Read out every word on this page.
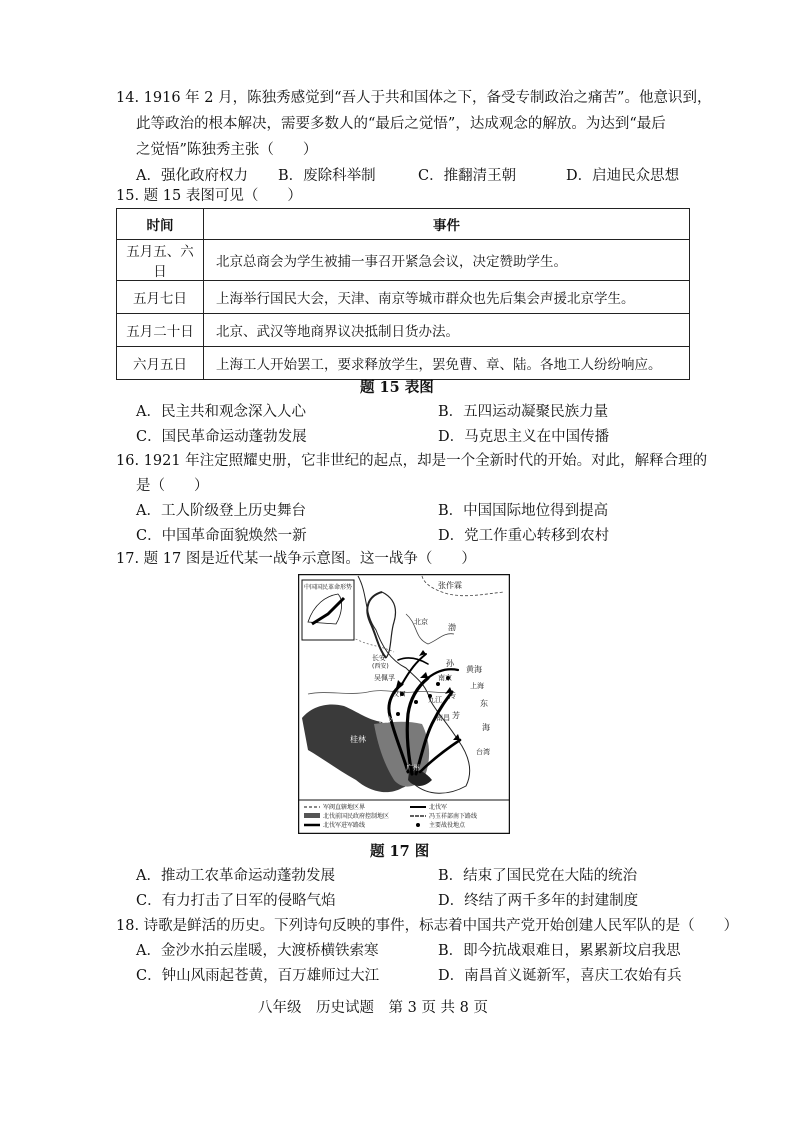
14. 1916 年 2 月，陈独秀感觉到“吾人于共和国体之下，备受专制政治之痛苦”。他意识到，
此等政治的根本解决，需要多数人的“最后之觉悟”，达成观念的解放。为达到“最后
之觉悟”陈独秀主张（　　）
A．强化政府权力 B．废除科举制	C．推翻清王朝	D．启迪民众思想
15. 题 15 表图可见（　　）
时间	事件
五月五、六日	北京总商会为学生被捕一事召开紧急会议，决定赞助学生。
五月七日	上海举行国民大会，天津、南京等城市群众也先后集会声援北京学生。
五月二十日	北京、武汉等地商界议决抵制日货办法。
六月五日	上海工人开始罢工，要求释放学生，罢免曹、章、陆。各地工人纷纷响应。
题 15 表图
A．民主共和观念深入人心	B．五四运动凝聚民族力量
C．国民革命运动蓬勃发展	D．马克思主义在中国传播
16. 1921 年注定照耀史册，它非世纪的起点，却是一个全新时代的开始。对此，解释合理的
是（　　）
A．工人阶级登上历史舞台	B．中国国际地位得到提高
C．中国革命面貌焕然一新	D．党工作重心转移到农村
17. 题 17 图是近代某一战争示意图。这一战争（　　）
中国国民革命形势	张作霖
北京
渤
黄海
长安
(西安)
吴佩孚
孙
南京
上海
汉口
九江 传
东
长沙	南昌 芳
海
桂林
广州
台湾
军阀直辖地区界
北伐前国民政府控制地区
北伐军进军路线
北伐军
冯玉祥部南下路线
主要战役地点
题 17 图
A．推动工农革命运动蓬勃发展	B．结束了国民党在大陆的统治
C．有力打击了日军的侵略气焰	D．终结了两千多年的封建制度
18. 诗歌是鲜活的历史。下列诗句反映的事件，标志着中国共产党开始创建人民军队的是（　　）
A．金沙水拍云崖暖，大渡桥横铁索寒	B．即今抗战艰难日，累累新坟启我思
C．钟山风雨起苍黄，百万雄师过大江	D．南昌首义诞新军，喜庆工农始有兵
八年级　历史试题　第 3 页 共 8 页
